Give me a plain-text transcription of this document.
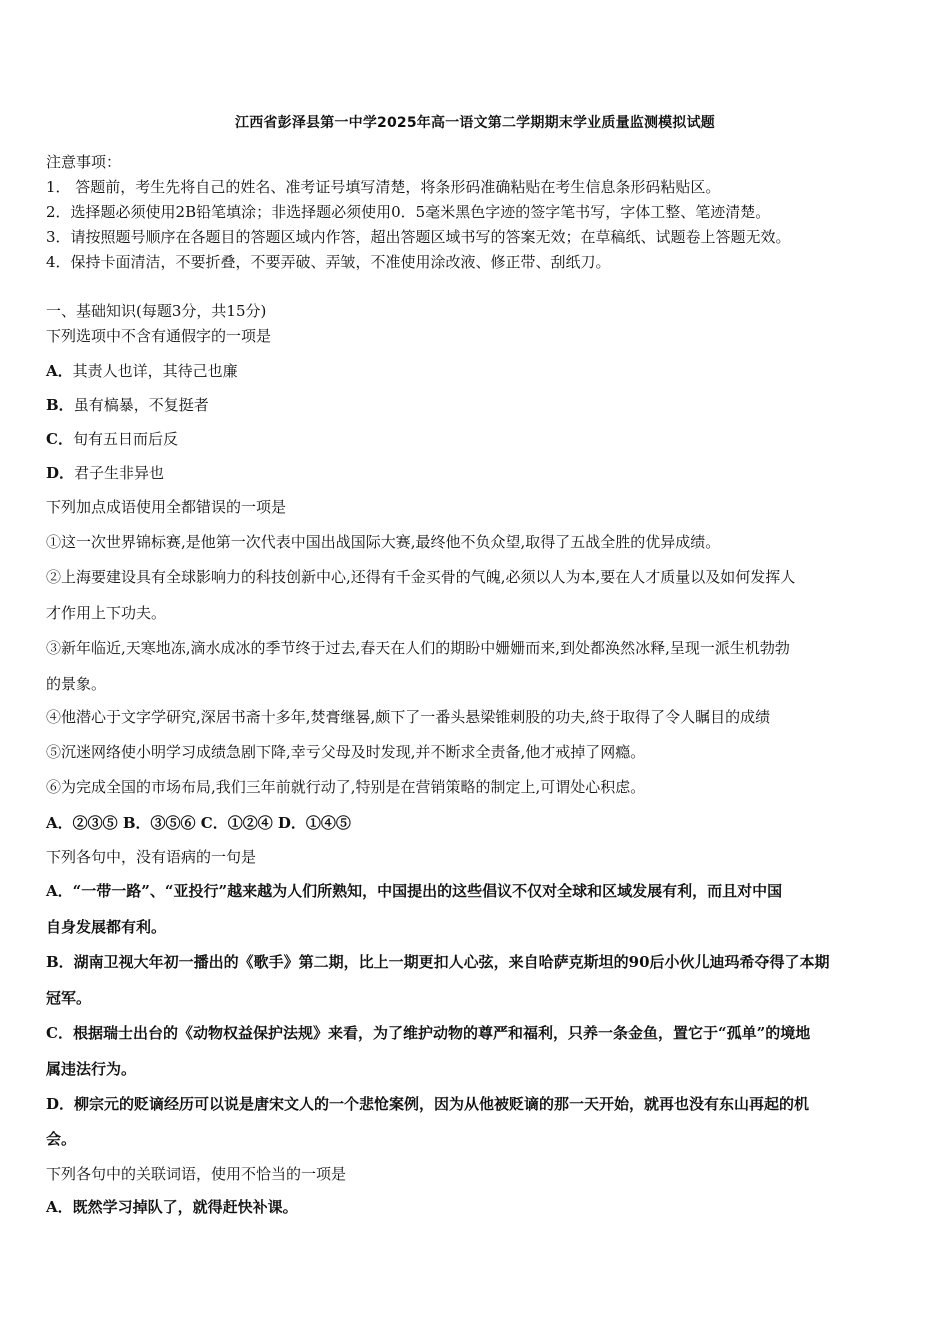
江西省彭泽县第一中学2025年高一语文第二学期期末学业质量监测模拟试题
注意事项：
1． 答题前，考生先将自己的姓名、准考证号填写清楚，将条形码准确粘贴在考生信息条形码粘贴区。
2．选择题必须使用2B铅笔填涂；非选择题必须使用0．5毫米黑色字迹的签字笔书写，字体工整、笔迹清楚。
3．请按照题号顺序在各题目的答题区域内作答，超出答题区域书写的答案无效；在草稿纸、试题卷上答题无效。
4．保持卡面清洁，不要折叠，不要弄破、弄皱，不准使用涂改液、修正带、刮纸刀。
一、基础知识(每题3分，共15分)
下列选项中不含有通假字的一项是
A．其责人也详，其待己也廉
B．虽有槁暴，不复挺者
C．旬有五日而后反
D．君子生非异也
下列加点成语使用全都错误的一项是
①这一次世界锦标赛,是他第一次代表中国出战国际大赛,最终他不负众望,取得了五战全胜的优异成绩。
②上海要建设具有全球影响力的科技创新中心,还得有千金买骨的气魄,必须以人为本,要在人才质量以及如何发挥人
才作用上下功夫。
③新年临近,天寒地冻,滴水成冰的季节终于过去,春天在人们的期盼中姗姗而来,到处都涣然冰释,呈现一派生机勃勃
的景象。
④他潜心于文字学研究,深居书斋十多年,焚膏继晷,颇下了一番头悬梁锥刺股的功夫,終于取得了令人瞩目的成绩
⑤沉迷网络使小明学习成绩急剧下降,幸亏父母及时发现,并不断求全责备,他才戒掉了网瘾。
⑥为完成全国的市场布局,我们三年前就行动了,特别是在营销策略的制定上,可谓处心积虑。
A．②③⑤ B．③⑤⑥ C．①②④ D．①④⑤
下列各句中，没有语病的一句是
A．“一带一路”、“亚投行”越来越为人们所熟知，中国提出的这些倡议不仅对全球和区域发展有利，而且对中国
自身发展都有利。
B．湖南卫视大年初一播出的《歌手》第二期，比上一期更扣人心弦，来自哈萨克斯坦的90后小伙儿迪玛希夺得了本期
冠军。
C．根据瑞士出台的《动物权益保护法规》来看，为了维护动物的尊严和福利，只养一条金鱼，置它于“孤单”的境地
属违法行为。
D．柳宗元的贬谪经历可以说是唐宋文人的一个悲怆案例，因为从他被贬谪的那一天开始，就再也没有东山再起的机
会。
下列各句中的关联词语，使用不恰当的一项是
A．既然学习掉队了，就得赶快补课。
